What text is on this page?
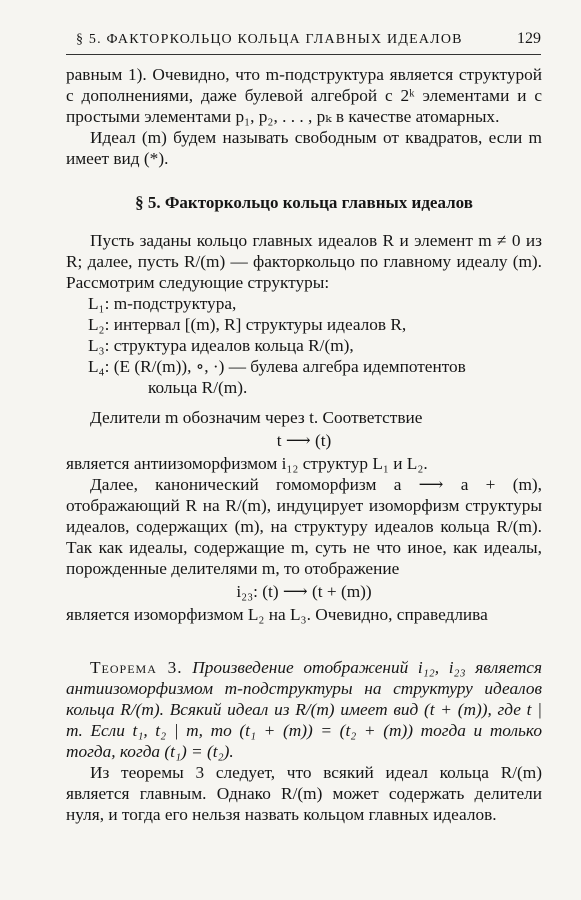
§ 5. ФАКТОРКОЛЬЦО КОЛЬЦА ГЛАВНЫХ ИДЕАЛОВ	129

равным 1). Очевидно, что m-подструктура является структурой с дополнениями, даже булевой алгеброй с 2ᵏ элементами и с простыми элементами p₁, p₂, . . . , pₖ в качестве атомарных.

Идеал (m) будем называть свободным от квадратов, если m имеет вид (*).

§ 5. Факторкольцо кольца главных идеалов

Пусть заданы кольцо главных идеалов R и элемент m ≠ 0 из R; далее, пусть R/(m) — факторкольцо по главному идеалу (m). Рассмотрим следующие структуры:

L₁: m-подструктура,
L₂: интервал [(m), R] структуры идеалов R,
L₃: структура идеалов кольца R/(m),
L₄: (E (R/(m)), ∘, ·) — булева алгебра идемпотентов
кольца R/(m).

Делители m обозначим через t. Соответствие

t ⟶ (t)

является антиизоморфизмом i₁₂ структур L₁ и L₂.

Далее, канонический гомоморфизм a ⟶ a + (m), отображающий R на R/(m), индуцирует изоморфизм структуры идеалов, содержащих (m), на структуру идеалов кольца R/(m). Так как идеалы, содержащие m, суть не что иное, как идеалы, порожденные делителями m, то отображение

i₂₃: (t) ⟶ (t + (m))

является изоморфизмом L₂ на L₃. Очевидно, справедлива

Теорема 3. Произведение отображений i₁₂, i₂₃ является антиизоморфизмом m-подструктуры на структуру идеалов кольца R/(m). Всякий идеал из R/(m) имеет вид (t + (m)), где t | m. Если t₁, t₂ | m, то (t₁ + (m)) = (t₂ + (m)) тогда и только тогда, когда (t₁) = (t₂).

Из теоремы 3 следует, что всякий идеал кольца R/(m) является главным. Однако R/(m) может содержать делители нуля, и тогда его нельзя назвать кольцом главных идеалов.
